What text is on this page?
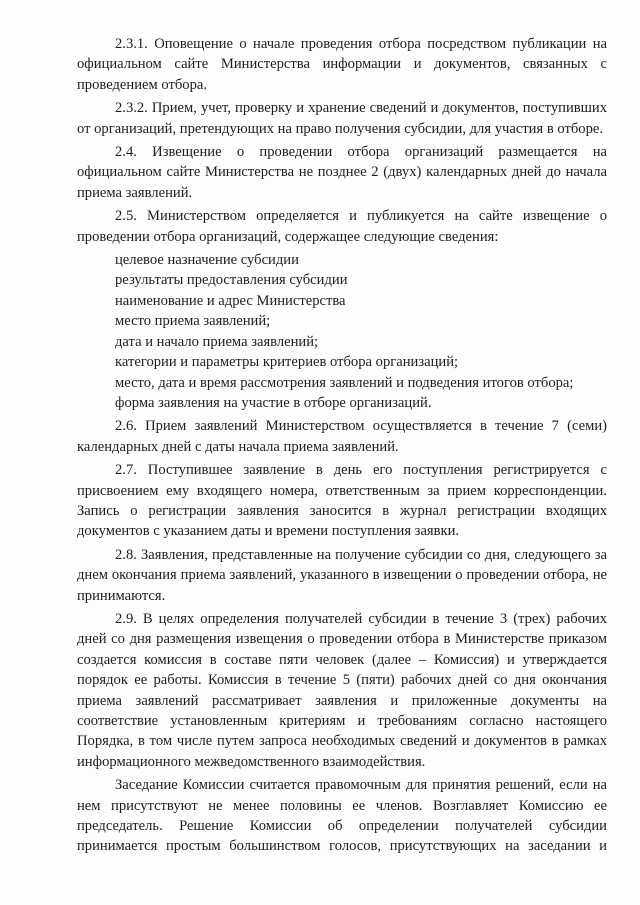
2.3.1. Оповещение о начале проведения отбора посредством публикации на официальном сайте Министерства информации и документов, связанных с проведением отбора.

2.3.2. Прием, учет, проверку и хранение сведений и документов, поступивших от организаций, претендующих на право получения субсидии, для участия в отборе.

2.4. Извещение о проведении отбора организаций размещается на официальном сайте Министерства не позднее 2 (двух) календарных дней до начала приема заявлений.

2.5. Министерством определяется и публикуется на сайте извещение о проведении отбора организаций, содержащее следующие сведения:

целевое назначение субсидии
результаты предоставления субсидии
наименование и адрес Министерства
место приема заявлений;
дата и начало приема заявлений;
категории и параметры критериев отбора организаций;
место, дата и время рассмотрения заявлений и подведения итогов отбора;
форма заявления на участие в отборе организаций.

2.6. Прием заявлений Министерством осуществляется в течение 7 (семи) календарных дней с даты начала приема заявлений.

2.7. Поступившее заявление в день его поступления регистрируется с присвоением ему входящего номера, ответственным за прием корреспонденции. Запись о регистрации заявления заносится в журнал регистрации входящих документов с указанием даты и времени поступления заявки.

2.8. Заявления, представленные на получение субсидии со дня, следующего за днем окончания приема заявлений, указанного в извещении о проведении отбора, не принимаются.

2.9. В целях определения получателей субсидии в течение 3 (трех) рабочих дней со дня размещения извещения о проведении отбора в Министерстве приказом создается комиссия в составе пяти человек (далее – Комиссия) и утверждается порядок ее работы. Комиссия в течение 5 (пяти) рабочих дней со дня окончания приема заявлений рассматривает заявления и приложенные документы на соответствие установленным критериям и требованиям согласно настоящего Порядка, в том числе путем запроса необходимых сведений и документов в рамках информационного межведомственного взаимодействия.

Заседание Комиссии считается правомочным для принятия решений, если на нем присутствуют не менее половины ее членов. Возглавляет Комиссию ее председатель. Решение Комиссии об определении получателей субсидии принимается простым большинством голосов, присутствующих на заседании и
